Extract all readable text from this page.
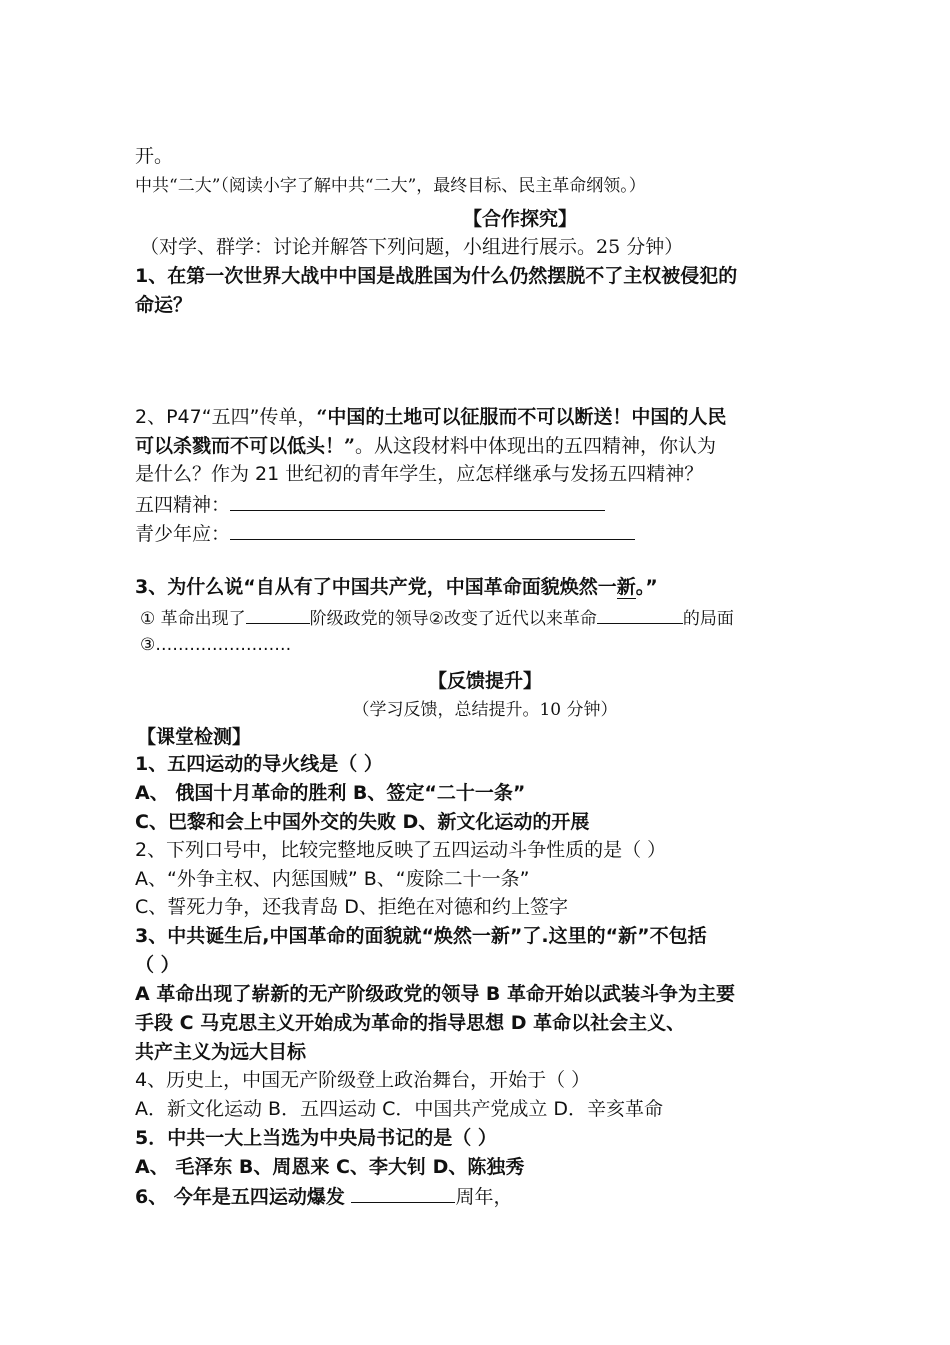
开。
中共“二大”（阅读小字了解中共“二大”，最终目标、民主革命纲领。）
【合作探究】
（对学、群学：讨论并解答下列问题，小组进行展示。25 分钟）
1、在第一次世界大战中中国是战胜国为什么仍然摆脱不了主权被侵犯的
命运？
2、P47“五四”传单，“中国的土地可以征服而不可以断送！中国的人民
可以杀戮而不可以低头！”。从这段材料中体现出的五四精神，你认为
是什么？作为 21 世纪初的青年学生，应怎样继承与发扬五四精神？
五四精神：
青少年应：
3、为什么说“自从有了中国共产党，中国革命面貌焕然一新。”
① 革命出现了	阶级政党的领导②改变了近代以来革命	的局面
③……………………
【反馈提升】
（学习反馈，总结提升。10 分钟）
【课堂检测】
1、五四运动的导火线是（ ）
A、 俄国十月革命的胜利 B、签定“二十一条”
C、巴黎和会上中国外交的失败 D、新文化运动的开展
2、下列口号中，比较完整地反映了五四运动斗争性质的是（ ）
A、“外争主权、内惩国贼” B、“废除二十一条”
C、誓死力争，还我青岛 D、拒绝在对德和约上签字
3、中共诞生后,中国革命的面貌就“焕然一新”了.这里的“新”不包括
（ ）
A 革命出现了崭新的无产阶级政党的领导 B 革命开始以武装斗争为主要
手段 C 马克思主义开始成为革命的指导思想 D 革命以社会主义、
共产主义为远大目标
4、历史上，中国无产阶级登上政治舞台，开始于（ ）
A．新文化运动 B．五四运动 C．中国共产党成立 D．辛亥革命
5．中共一大上当选为中央局书记的是（ ）
A、 毛泽东 B、周恩来 C、李大钊 D、陈独秀
6、 今年是五四运动爆发	周年，
